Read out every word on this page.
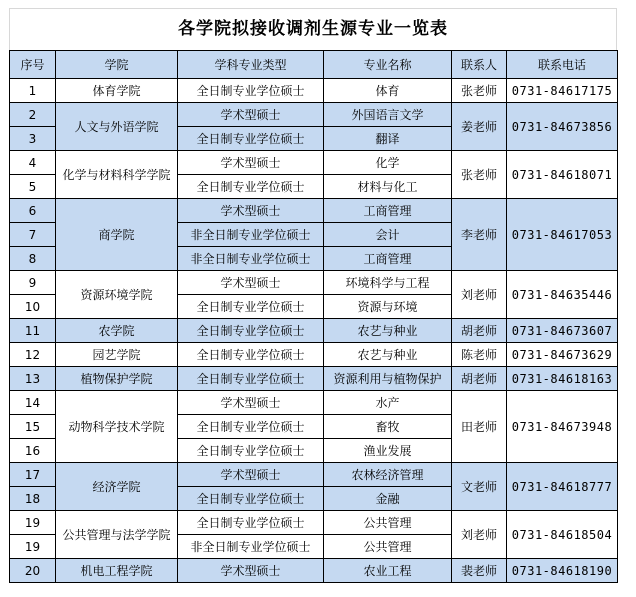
各学院拟接收调剂生源专业一览表
序号	学院	学科专业类型	专业名称	联系人	联系电话
1	体育学院	全日制专业学位硕士	体育	张老师	0731-84617175
2	人文与外语学院	学术型硕士	外国语言文学	姜老师	0731-84673856
3		全日制专业学位硕士	翻译		
4	化学与材料科学学院	学术型硕士	化学	张老师	0731-84618071
5		全日制专业学位硕士	材料与化工		
6	商学院	学术型硕士	工商管理	李老师	0731-84617053
7		非全日制专业学位硕士	会计		
8		非全日制专业学位硕士	工商管理		
9	资源环境学院	学术型硕士	环境科学与工程	刘老师	0731-84635446
10		全日制专业学位硕士	资源与环境		
11	农学院	全日制专业学位硕士	农艺与种业	胡老师	0731-84673607
12	园艺学院	全日制专业学位硕士	农艺与种业	陈老师	0731-84673629
13	植物保护学院	全日制专业学位硕士	资源利用与植物保护	胡老师	0731-84618163
14	动物科学技术学院	学术型硕士	水产	田老师	0731-84673948
15		全日制专业学位硕士	畜牧		
16		全日制专业学位硕士	渔业发展		
17	经济学院	学术型硕士	农林经济管理	文老师	0731-84618777
18		全日制专业学位硕士	金融		
19	公共管理与法学学院	全日制专业学位硕士	公共管理	刘老师	0731-84618504
19		非全日制专业学位硕士	公共管理		
20	机电工程学院	学术型硕士	农业工程	裴老师	0731-84618190
